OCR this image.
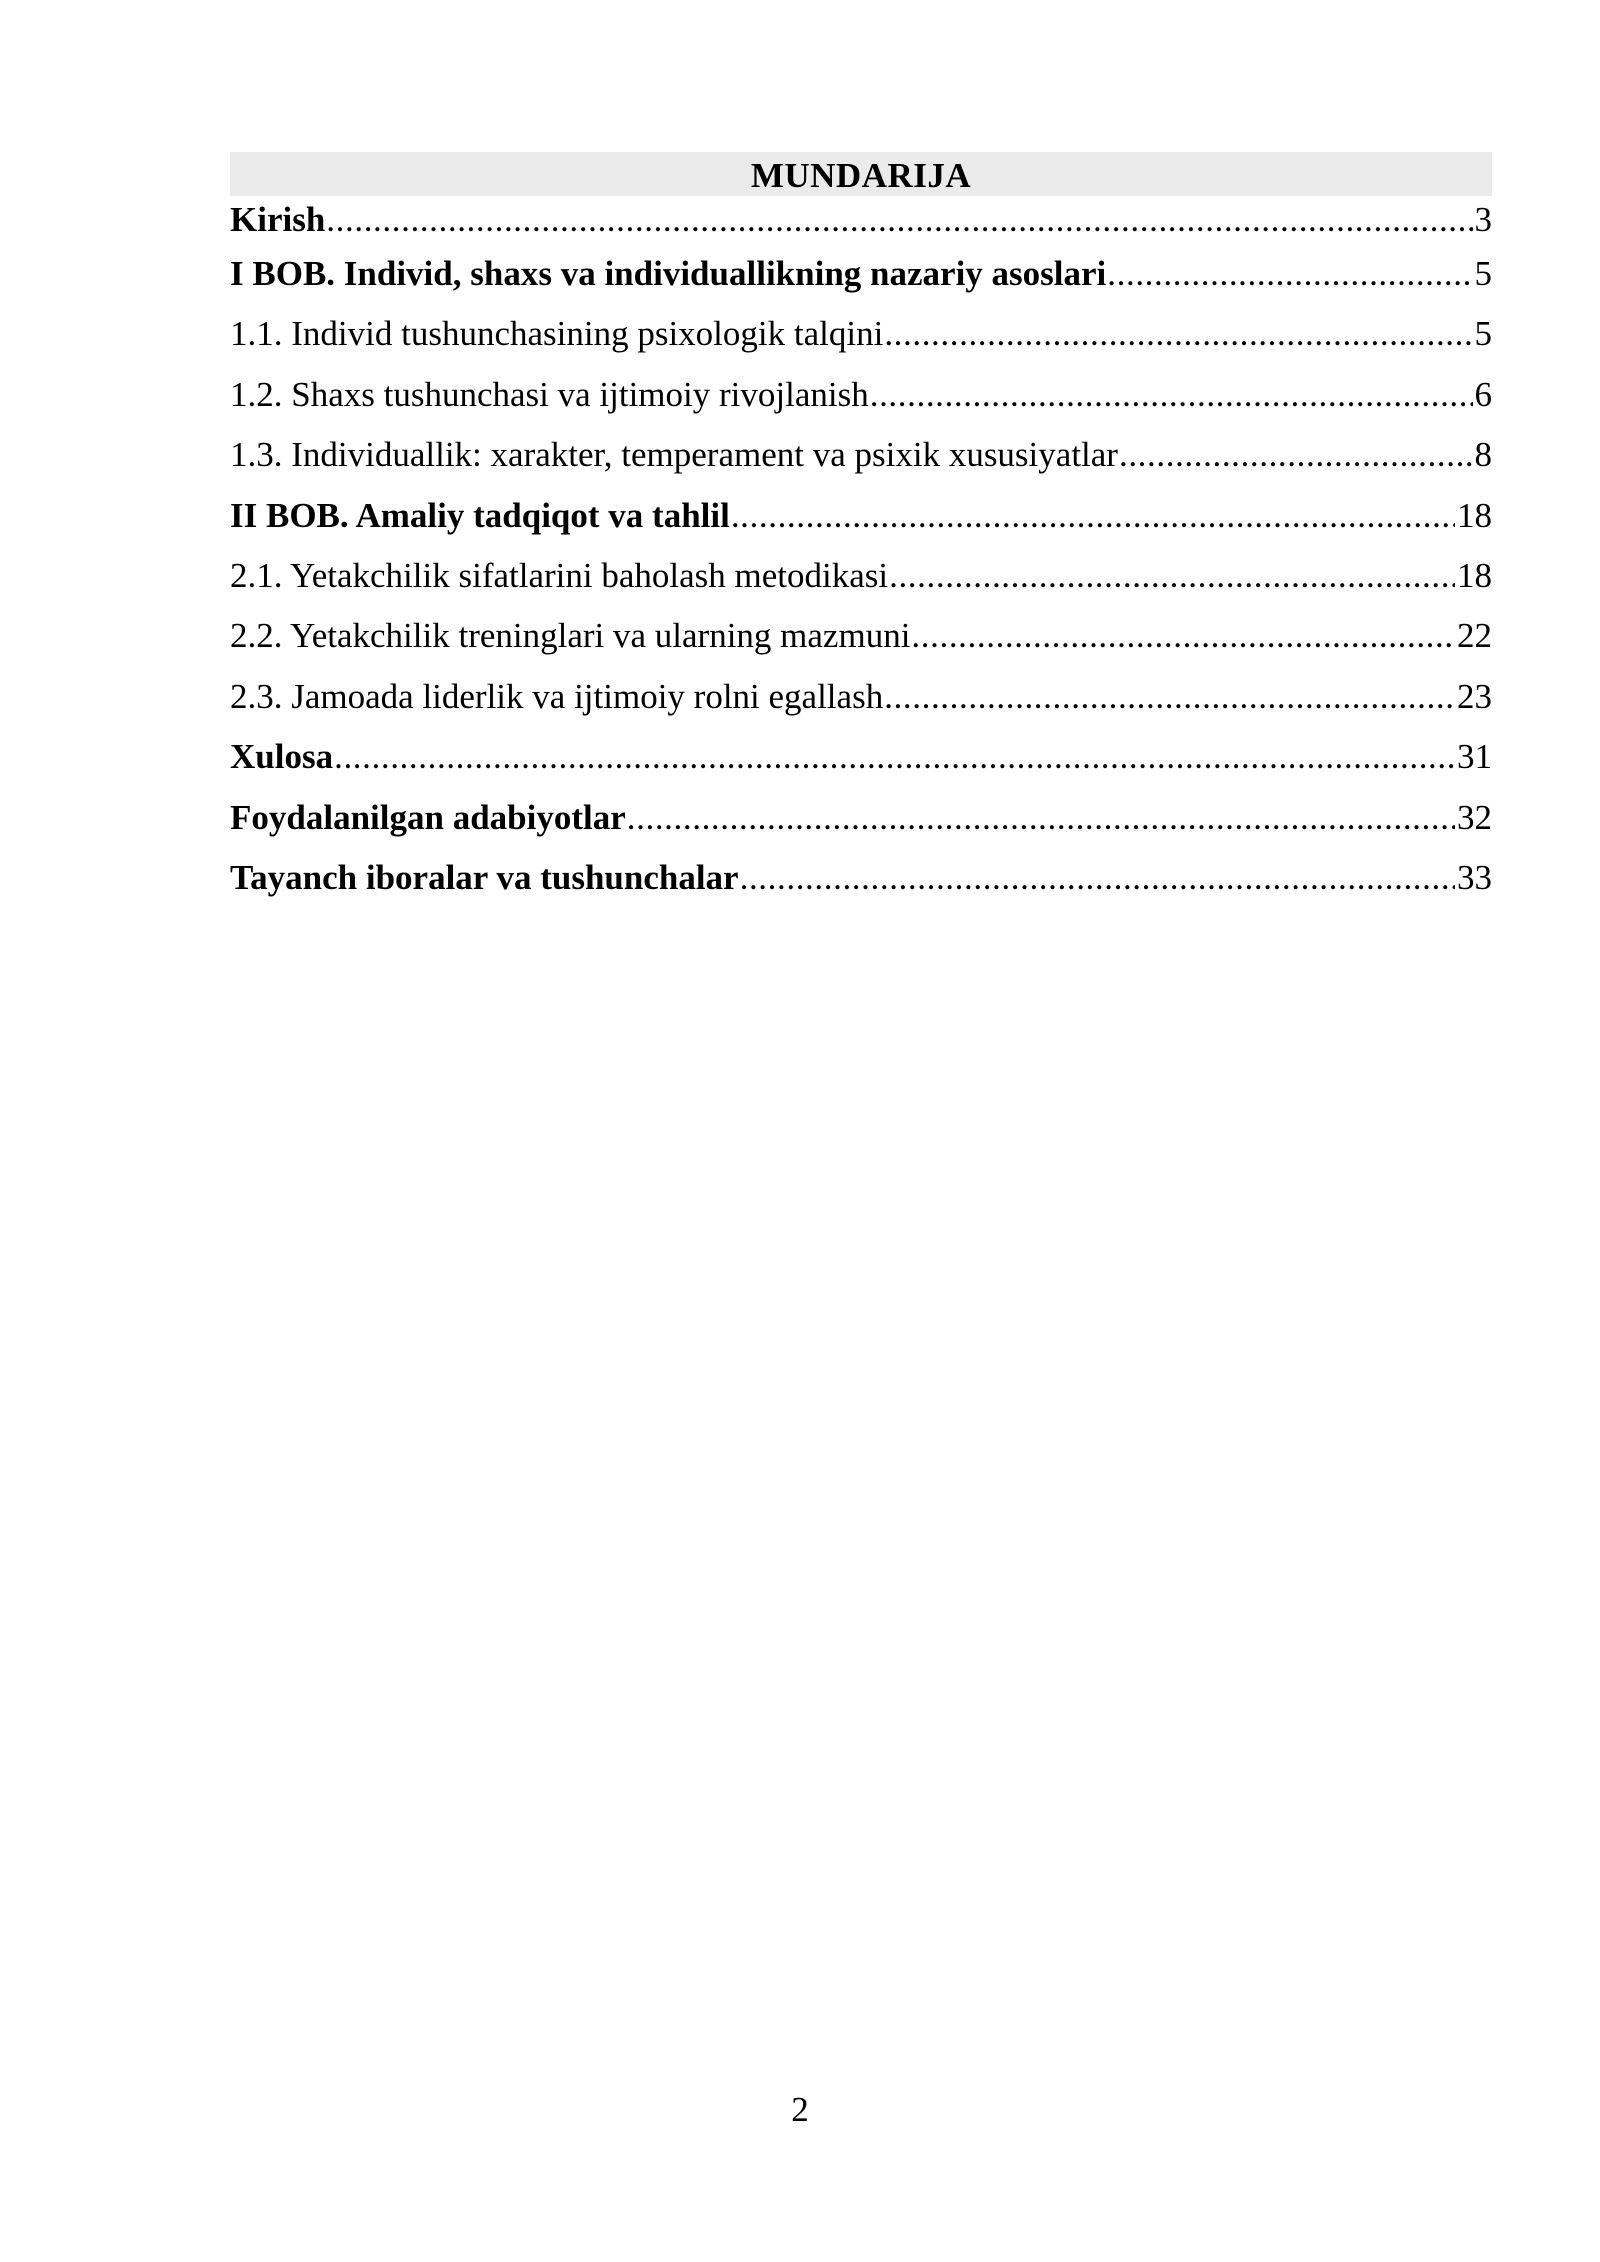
MUNDARIJA
Kirish .....	3
I BOB. Individ, shaxs va individuallikning nazariy asoslari .....	5
1.1. Individ tushunchasining psixologik talqini .....	5
1.2. Shaxs tushunchasi va ijtimoiy rivojlanish .....	6
1.3. Individuallik: xarakter, temperament va psixik xususiyatlar .....	8
II BOB. Amaliy tadqiqot va tahlil .....	18
2.1. Yetakchilik sifatlarini baholash metodikasi .....	18
2.2. Yetakchilik treninglari va ularning mazmuni .....	22
2.3. Jamoada liderlik va ijtimoiy rolni egallash .....	23
Xulosa .....	31
Foydalanilgan adabiyotlar .....	32
Tayanch iboralar va tushunchalar .....	33
2
